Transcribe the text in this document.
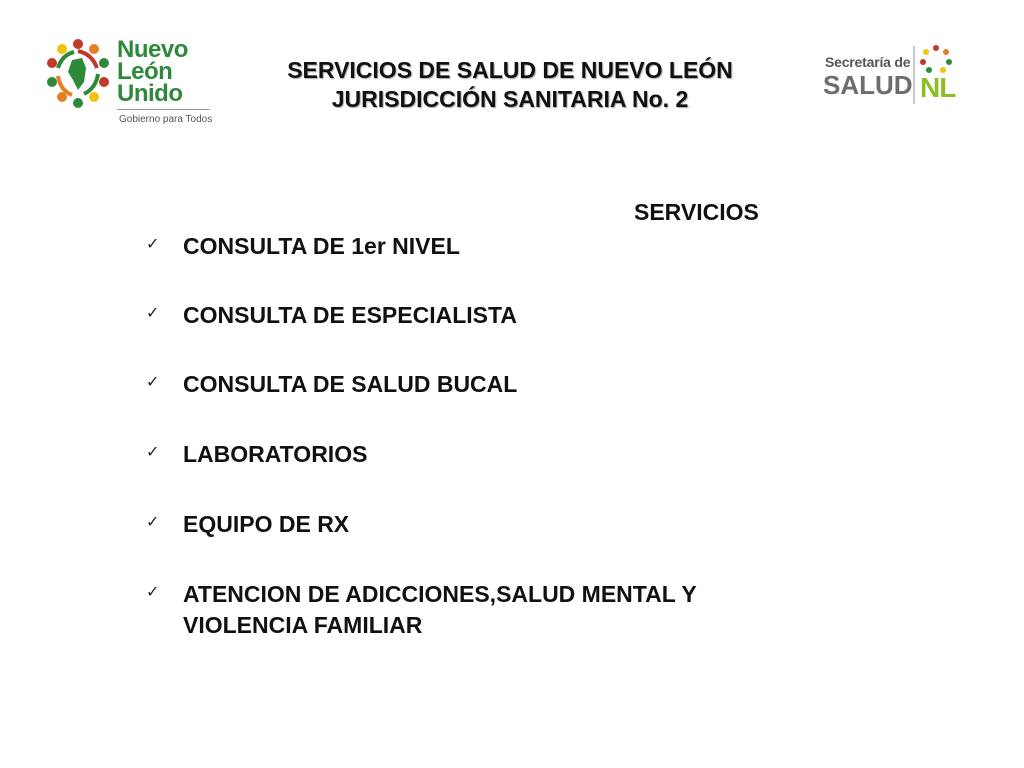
Nuevo
León
Unido
Gobierno para Todos
SERVICIOS DE SALUD DE NUEVO LEÓN
JURISDICCIÓN SANITARIA No. 2
Secretaría de
SALUD NL
SERVICIOS
✓ CONSULTA DE 1er NIVEL
✓ CONSULTA DE ESPECIALISTA
✓ CONSULTA DE SALUD BUCAL
✓ LABORATORIOS
✓ EQUIPO DE RX
✓ ATENCION DE ADICCIONES,SALUD MENTAL Y VIOLENCIA FAMILIAR
